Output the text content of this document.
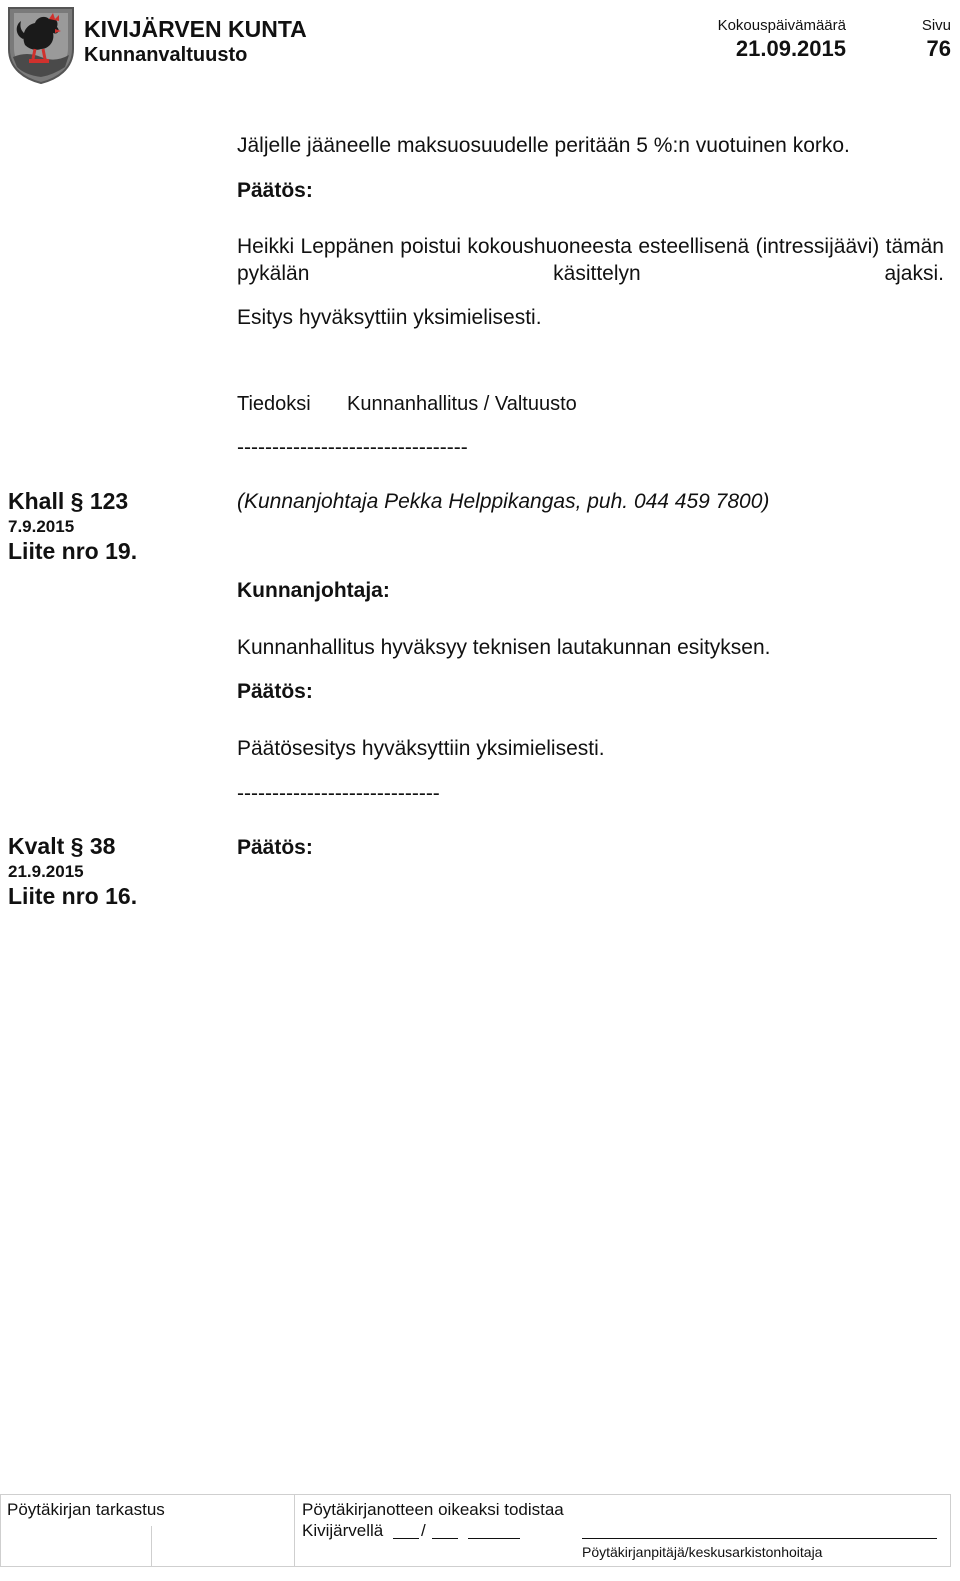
KIVIJÄRVEN KUNTA
Kunnanvaltuusto
Kokouspäivämäärä
21.09.2015
Sivu
76
Jäljelle jääneelle maksuosuudelle peritään 5 %:n vuotuinen korko.
Päätös:
Heikki Leppänen poistui kokoushuoneesta esteellisenä (intressijäävi) tämän pykälän käsittelyn ajaksi.
Esitys hyväksyttiin yksimielisesti.
Tiedoksi Kunnanhallitus / Valtuusto
---------------------------------
Khall § 123
7.9.2015
Liite nro 19.
(Kunnanjohtaja Pekka Helppikangas, puh. 044 459 7800)
Kunnanjohtaja:
Kunnanhallitus hyväksyy teknisen lautakunnan esityksen.
Päätös:
Päätösesitys hyväksyttiin yksimielisesti.
-----------------------------
Kvalt § 38
21.9.2015
Liite nro 16.
Päätös:
Pöytäkirjan tarkastus	Pöytäkirjanotteen oikeaksi todistaa
Kivijärvellä /
Pöytäkirjanpitäjä/keskusarkistonhoitaja
